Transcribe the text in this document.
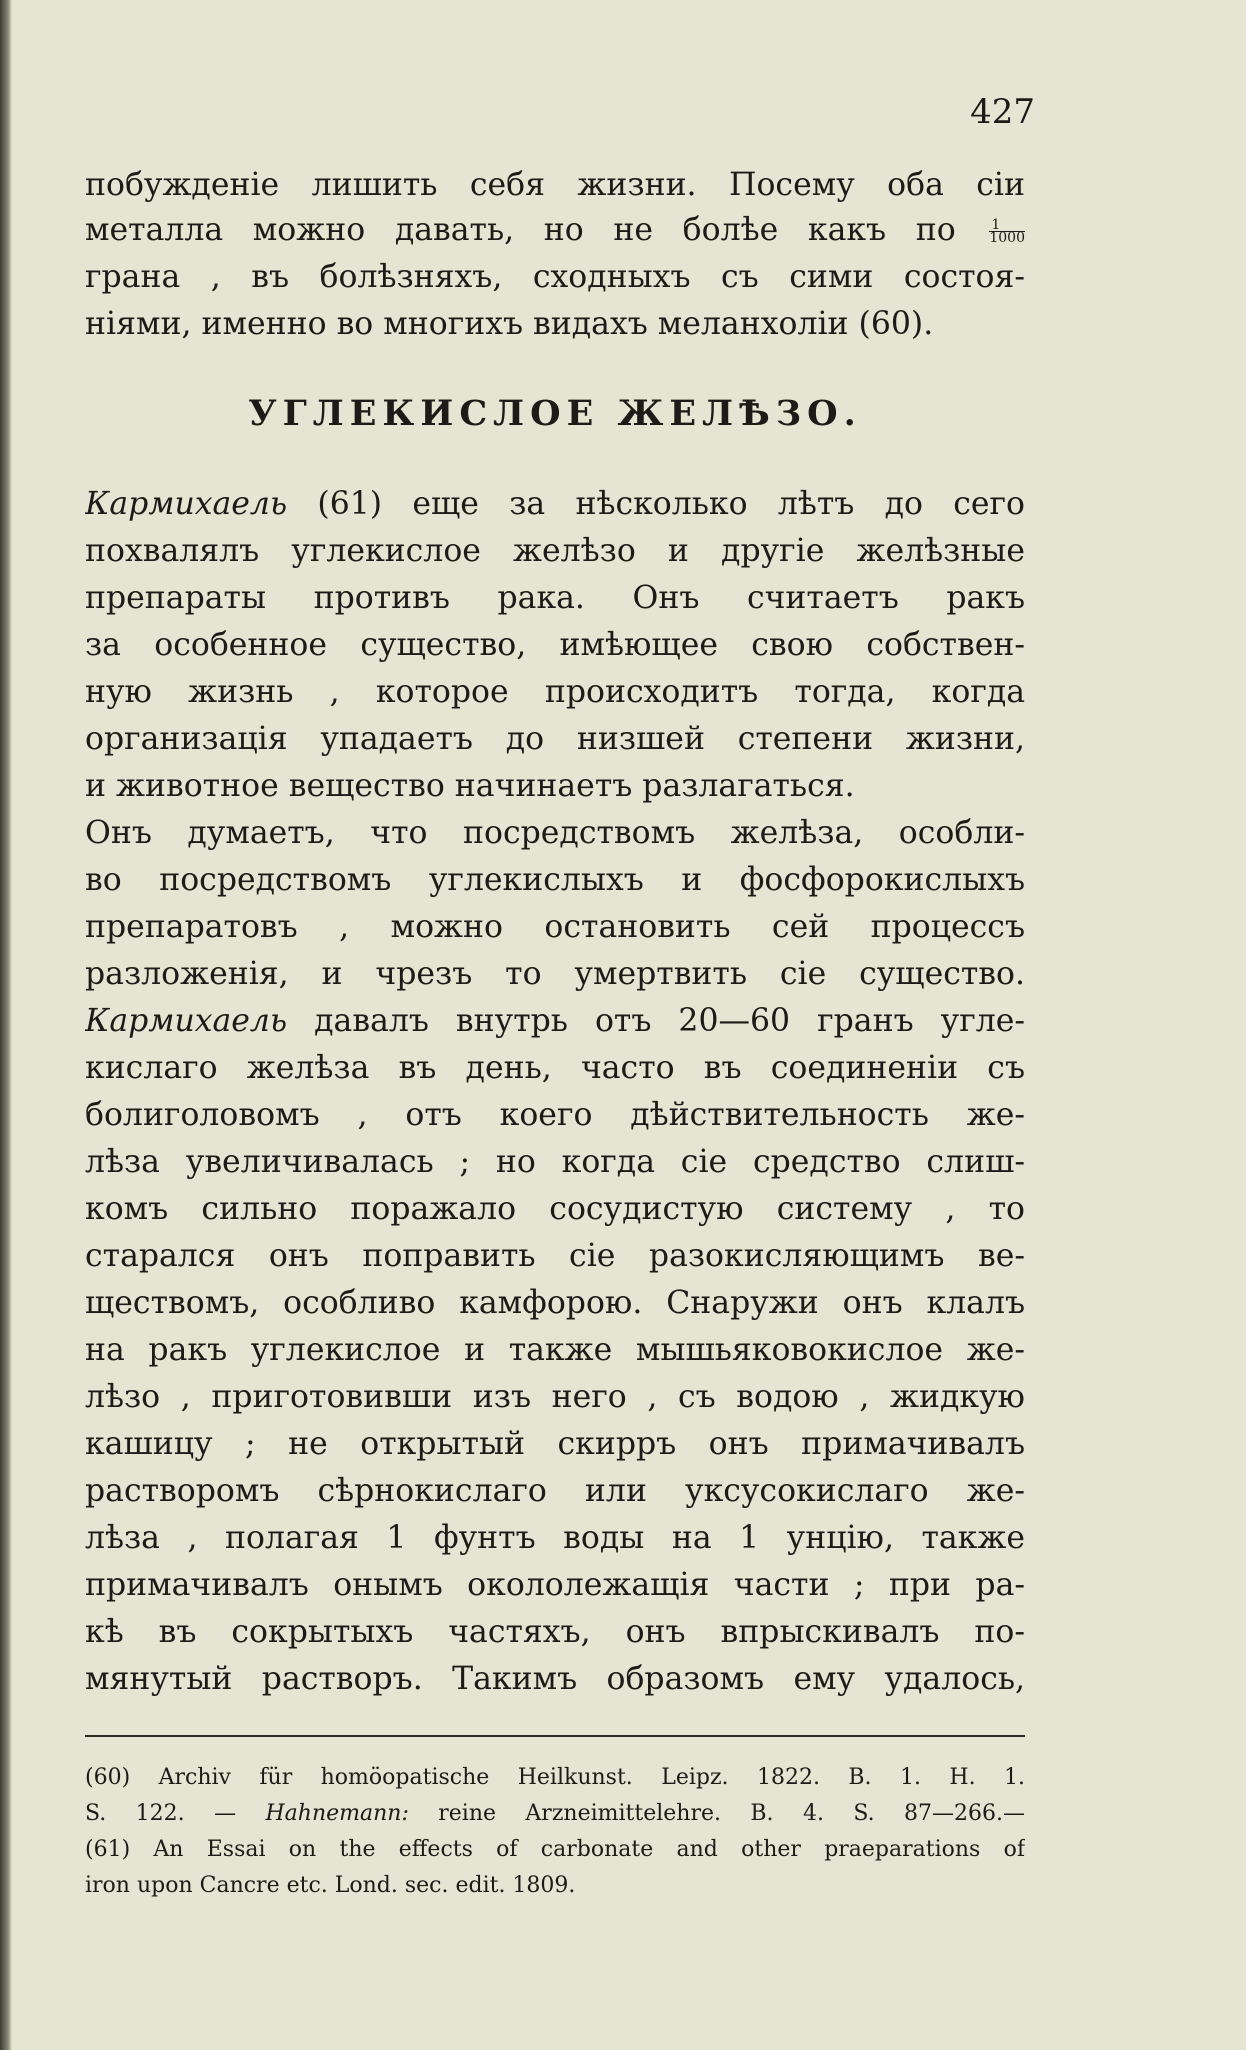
427
побужденіе лишить себя жизни. Посему оба сіи
металла можно давать, но не болѣе какъ по $\frac{1}{1000}$
грана , въ болѣзняхъ, сходныхъ съ сими состоя-
ніями, именно во многихъ видахъ меланхоліи (60).
УГЛЕКИСЛОЕ ЖЕЛѢЗО.
Кармихаель (61) еще за нѣсколько лѣтъ до сего
похвалялъ углекислое желѣзо и другіе желѣзные
препараты противъ рака. Онъ считаетъ ракъ
за особенное существо, имѣющее свою собствен-
ную жизнь , которое происходитъ тогда, когда
организація упадаетъ до низшей степени жизни,
и животное вещество начинаетъ разлагаться.
Онъ думаетъ, что посредствомъ желѣза, особли-
во посредствомъ углекислыхъ и фосфорокислыхъ
препаратовъ , можно остановить сей процессъ
разложенія, и чрезъ то умертвить сіе существо.
Кармихаель давалъ внутрь отъ 20—60 грaнъ угле-
кислаго желѣза въ день, часто въ соединеніи съ
болиголовомъ , отъ коего дѣйствительность же-
лѣза увеличивалась ; но когда сіе средство слиш-
комъ сильно поражало сосудистую систему , то
старался онъ поправить сіе разокисляющимъ ве-
ществомъ, особливо камфорою. Снаружи онъ клалъ
на ракъ углекислое и также мышьяковокислое же-
лѣзо , приготовивши изъ него , съ водою , жидкую
кашицу ; не открытый скирръ онъ примачивалъ
растворомъ сѣрнокислаго или уксусокислаго же-
лѣза , полагая 1 фунтъ воды на 1 унцію, также
примачивалъ онымъ окололежащія части ; при ра-
кѣ въ сокрытыхъ частяхъ, онъ впрыскивалъ по-
мянутый растворъ. Такимъ образомъ ему удалось,
(60) Archiv für homöopatische Heilkunst. Leipz. 1822. B. 1. H. 1.
S. 122. — Hahnemann: reine Arzneimittelehre. B. 4. S. 87—266.—
(61) An Essai on the effects of carbonate and other praeparations of
iron upon Cancre etc. Lond. sec. edit. 1809.
